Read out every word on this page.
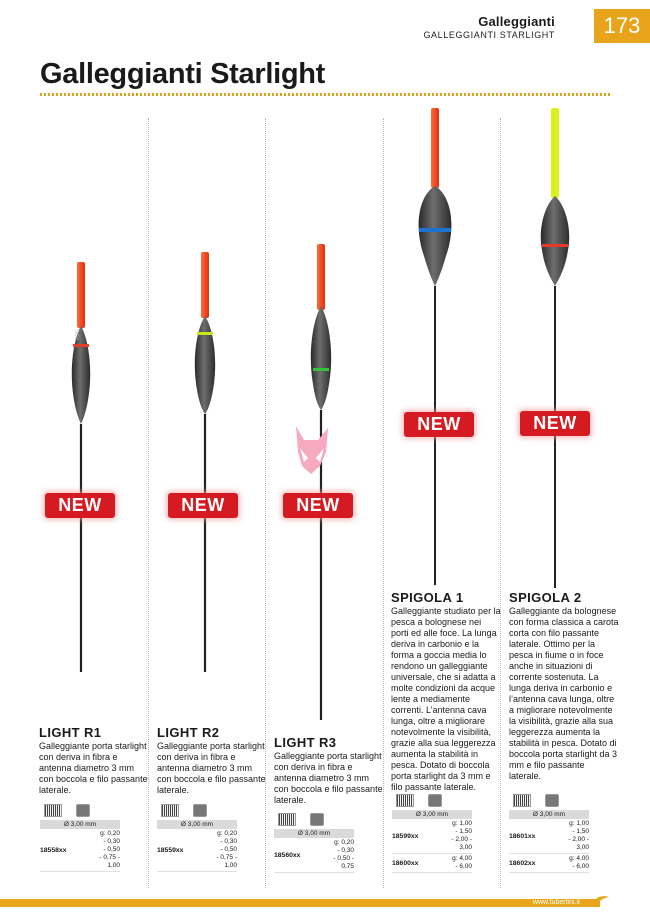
Galleggianti
GALLEGGIANTI STARLIGHT	173
Galleggianti Starlight
0,20
NEW	NEW	NEW
NEW	NEW
LIGHT R1
Galleggiante porta starlight con deriva in fibra e antenna diametro 3 mm con boccola e filo passante laterale.
LIGHT R2
Galleggiante porta starlight con deriva in fibra e antenna diametro 3 mm con boccola e filo passante laterale.
LIGHT R3
Galleggiante porta starlight con deriva in fibra e antenna diametro 3 mm con boccola e filo passante laterale.
SPIGOLA 1
Galleggiante studiato per la pesca a bolognese nei porti ed alle foce. La lunga deriva in carbonio e la forma a goccia media lo rendono un galleggiante universale, che si adatta a molte condizioni da acque lente a mediamente correnti. L’antenna cava lunga, oltre a migliorare notevolmente la visibilità, grazie alla sua leggerezza aumenta la stabilità in pesca. Dotato di boccola porta starlight da 3 mm e filo passante laterale.
SPIGOLA 2
Galleggiante da bolognese con forma classica a carota corta con filo passante laterale. Ottimo per la pesca in fiume o in foce anche in situazioni di corrente sostenuta. La lunga deriva in carbonio e l’antenna cava lunga, oltre a migliorare notevolmente la visibilità, grazie alla sua leggerezza aumenta la stabilità in pesca. Dotato di boccola porta starlight da 3 mm e filo passante laterale.
Ø 3,00 mm
18558xx
g: 0,20
- 0,30
- 0,50
- 0,75 -
1,00
Ø 3,00 mm
18559xx
g: 0,20
- 0,30
- 0,50
- 0,75 -
1,00
Ø 3,00 mm
18560xx
g: 0,20
- 0,30
- 0,50 -
0,75
Ø 3,00 mm
18599xx
g: 1,00
- 1,50
- 2,00 -
3,00
18600xx
g: 4,00
- 6,00
Ø 3,00 mm
18601xx
g: 1,00
- 1,50
- 2,00 -
3,00
18602xx
g: 4,00
- 6,00
www.tubertini.it
